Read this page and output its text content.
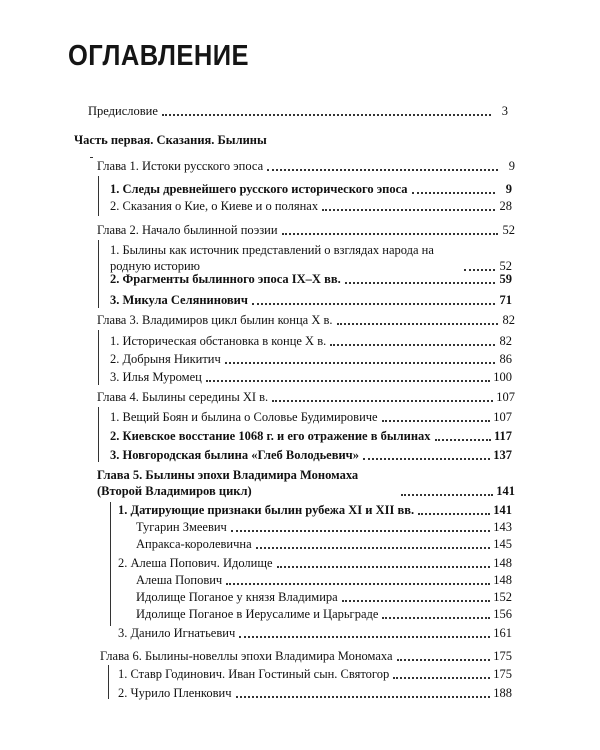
ОГЛАВЛЕНИЕ
Предисловие	3
Часть первая. Сказания. Былины
Глава 1. Истоки русского эпоса	9
1. Следы древнейшего русского исторического эпоса	9
2. Сказания о Кие, о Киеве и о полянах	28
Глава 2. Начало былинной поэзии	52
1. Былины как источник представлений о взглядах народа на родную историю	52
2. Фрагменты былинного эпоса IX–X вв.	59
3. Микула Селянинович	71
Глава 3. Владимиров цикл былин конца X в.	82
1. Историческая обстановка в конце X в.	82
2. Добрыня Никитич	86
3. Илья Муромец	100
Глава 4. Былины середины XI в.	107
1. Вещий Боян и былина о Соловье Будимировиче	107
2. Киевское восстание 1068 г. и его отражение в былинах	117
3. Новгородская былина «Глеб Володьевич»	137
Глава 5. Былины эпохи Владимира Мономаха (Второй Владимиров цикл)	141
1. Датирующие признаки былин рубежа XI и XII вв.	141
Тугарин Змеевич	143
Апракса-королевична	145
2. Алеша Попович. Идолище	148
Алеша Попович	148
Идолище Поганое у князя Владимира	152
Идолище Поганое в Иерусалиме и Царьграде	156
3. Данило Игнатьевич	161
Глава 6. Былины-новеллы эпохи Владимира Мономаха	175
1. Ставр Годинович. Иван Гостиный сын. Святогор	175
2. Чурило Пленкович	188
